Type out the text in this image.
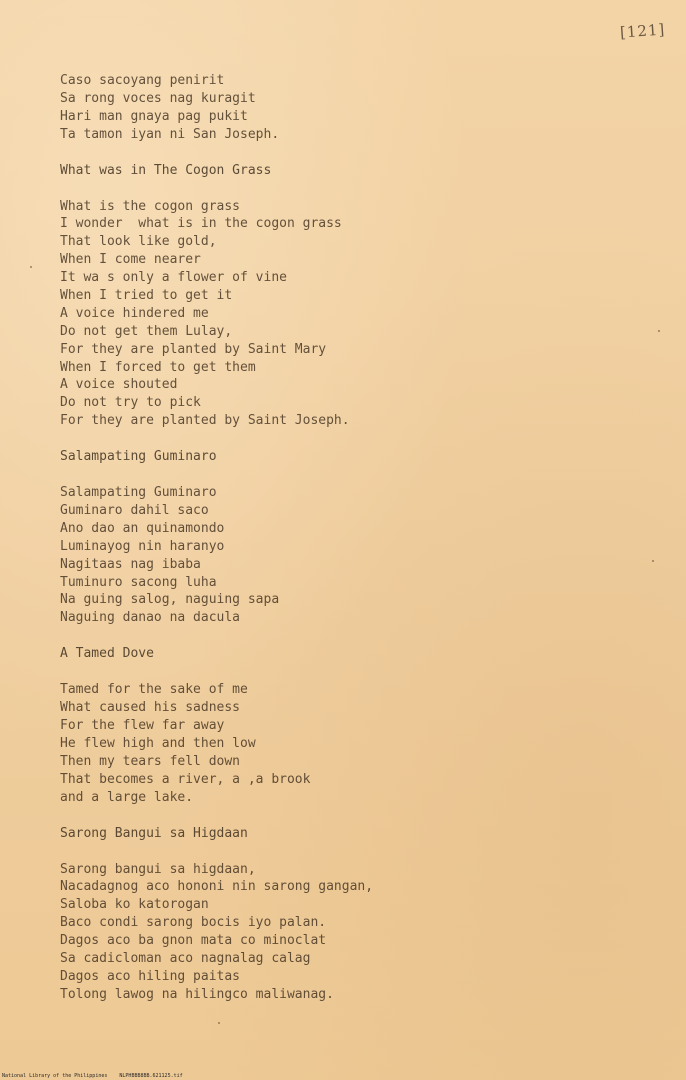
[121]
Caso sacoyang penirit
Sa rong voces nag kuragit
Hari man gnaya pag pukit
Ta tamon iyan ni San Joseph.
What was in The Cogon Grass
What is the cogon grass
I wonder  what is in the cogon grass
That look like gold,
When I come nearer
It wa s only a flower of vine
When I tried to get it
A voice hindered me
Do not get them Lulay,
For they are planted by Saint Mary
When I forced to get them
A voice shouted
Do not try to pick
For they are planted by Saint Joseph.
Salampating Guminaro
Salampating Guminaro
Guminaro dahil saco
Ano dao an quinamondo
Luminayog nin haranyo
Nagitaas nag ibaba
Tuminuro sacong luha
Na guing salog, naguing sapa
Naguing danao na dacula
A Tamed Dove
Tamed for the sake of me
What caused his sadness
For the flew far away
He flew high and then low
Then my tears fell down
That becomes a river, a ,a brook
and a large lake.
Sarong Bangui sa Higdaan
Sarong bangui sa higdaan,
Nacadagnog aco hononi nin sarong gangan,
Saloba ko katorogan
Baco condi sarong bocis iyo palan.
Dagos aco ba gnon mata co minoclat
Sa cadicloman aco nagnalag calag
Dagos aco hiling paitas
Tolong lawog na hilingco maliwanag.
National Library of the Philippines    NLPHBBB8BB.621125.tif
